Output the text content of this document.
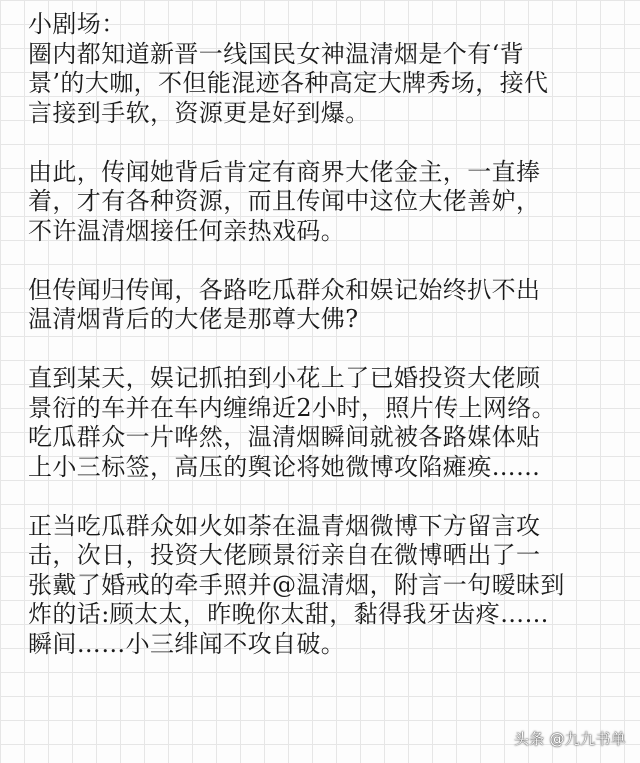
小剧场：
圈内都知道新晋一线国民女神温清烟是个有‘背
景’的大咖，不但能混迹各种高定大牌秀场，接代
言接到手软，资源更是好到爆。
由此，传闻她背后肯定有商界大佬金主，一直捧
着，才有各种资源，而且传闻中这位大佬善妒，
不许温清烟接任何亲热戏码。
但传闻归传闻，各路吃瓜群众和娱记始终扒不出
温清烟背后的大佬是那尊大佛?
直到某天，娱记抓拍到小花上了已婚投资大佬顾
景衍的车并在车内缠绵近2小时，照片传上网络。
吃瓜群众一片哗然，温清烟瞬间就被各路媒体贴
上小三标签，高压的舆论将她微博攻陷瘫痪……
正当吃瓜群众如火如荼在温青烟微博下方留言攻
击，次日，投资大佬顾景衍亲自在微博晒出了一
张戴了婚戒的牵手照并@温清烟，附言一句暧昧到
炸的话:顾太太，昨晚你太甜，黏得我牙齿疼……
瞬间……小三绯闻不攻自破。
头条 @九九书单
